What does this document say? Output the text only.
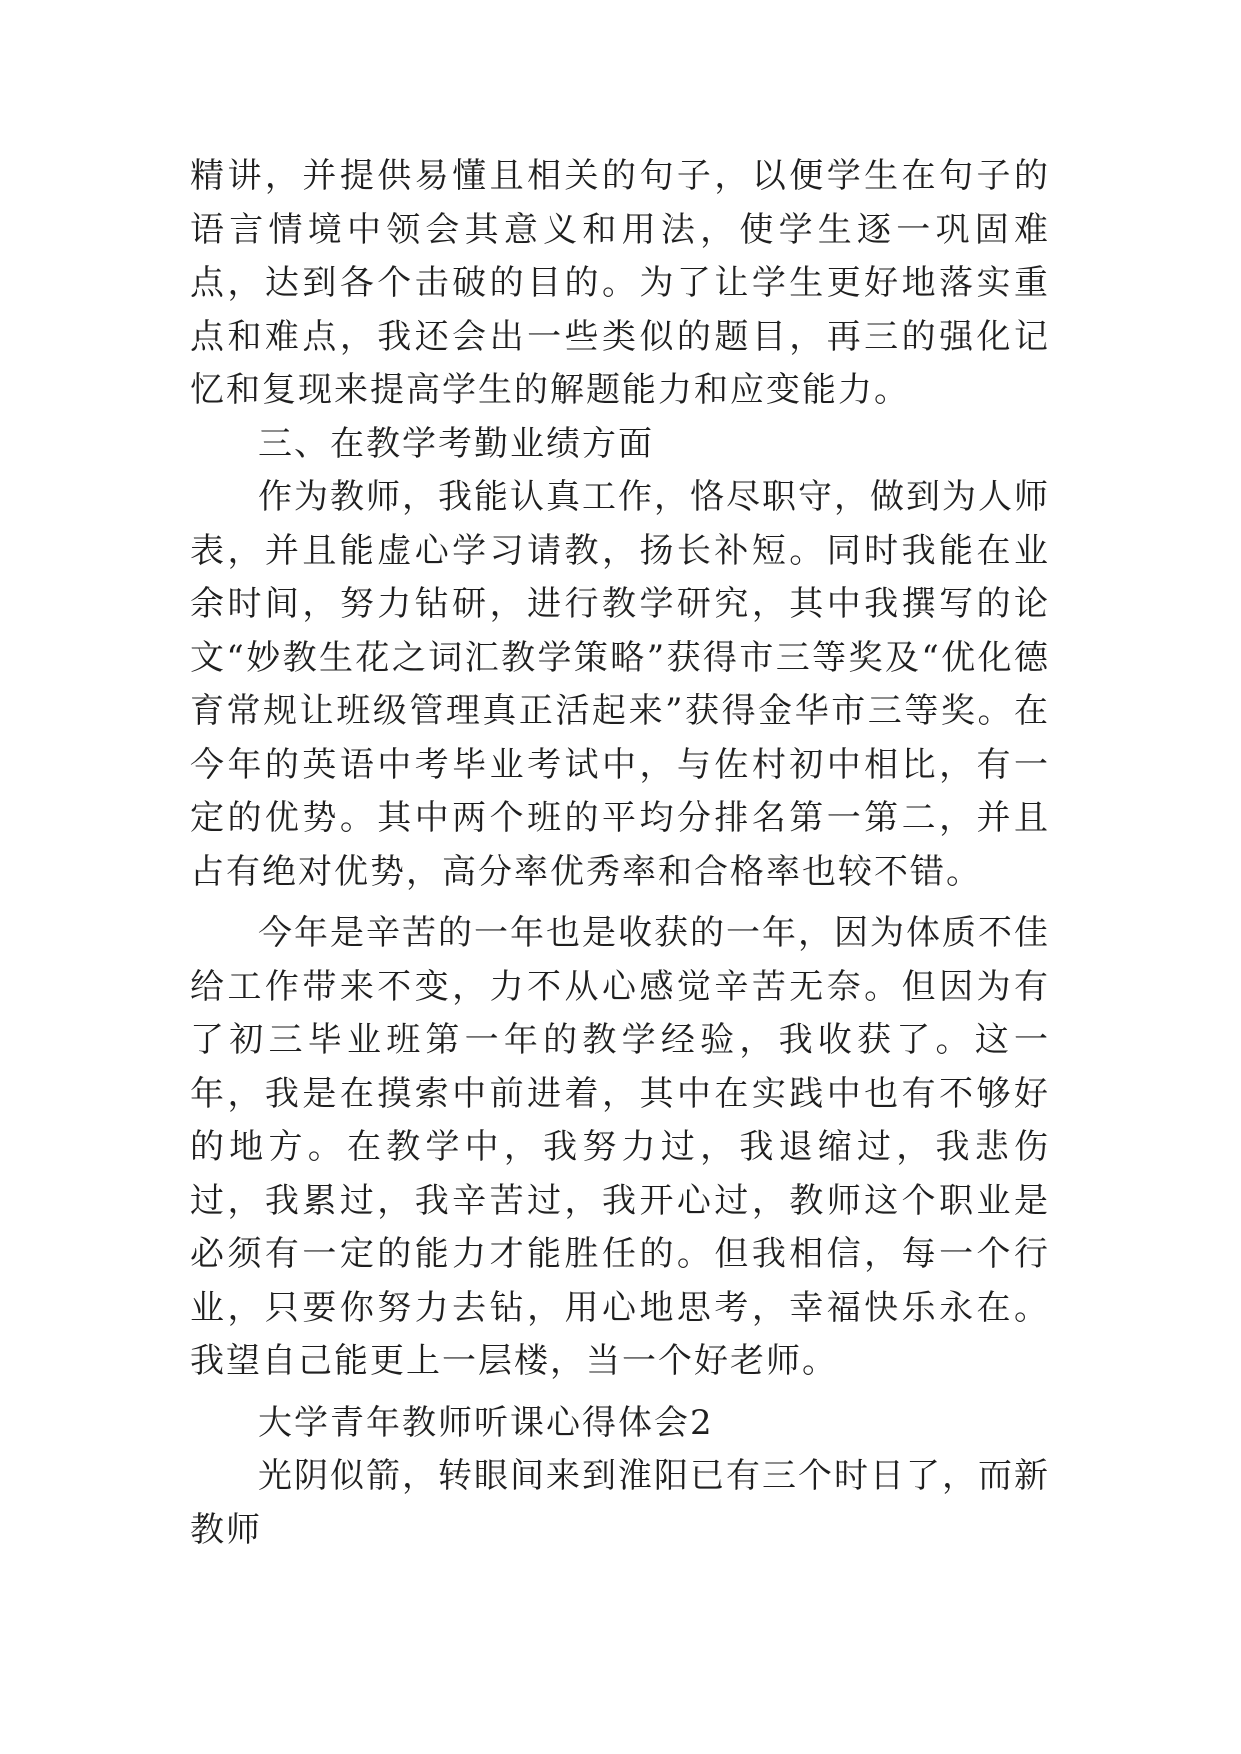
精讲，并提供易懂且相关的句子，以便学生在句子的语言情境中领会其意义和用法，使学生逐一巩固难点，达到各个击破的目的。为了让学生更好地落实重点和难点，我还会出一些类似的题目，再三的强化记忆和复现来提高学生的解题能力和应变能力。

三、在教学考勤业绩方面

作为教师，我能认真工作，恪尽职守，做到为人师表，并且能虚心学习请教，扬长补短。同时我能在业余时间，努力钻研，进行教学研究，其中我撰写的论文“妙教生花之词汇教学策略”获得市三等奖及“优化德育常规让班级管理真正活起来”获得金华市三等奖。在今年的英语中考毕业考试中，与佐村初中相比，有一定的优势。其中两个班的平均分排名第一第二，并且占有绝对优势，高分率优秀率和合格率也较不错。

今年是辛苦的一年也是收获的一年，因为体质不佳给工作带来不变，力不从心感觉辛苦无奈。但因为有了初三毕业班第一年的教学经验，我收获了。这一年，我是在摸索中前进着，其中在实践中也有不够好的地方。在教学中，我努力过，我退缩过，我悲伤过，我累过，我辛苦过，我开心过，教师这个职业是必须有一定的能力才能胜任的。但我相信，每一个行业，只要你努力去钻，用心地思考，幸福快乐永在。我望自己能更上一层楼，当一个好老师。

大学青年教师听课心得体会2

光阴似箭，转眼间来到淮阳已有三个时日了，而新教师
